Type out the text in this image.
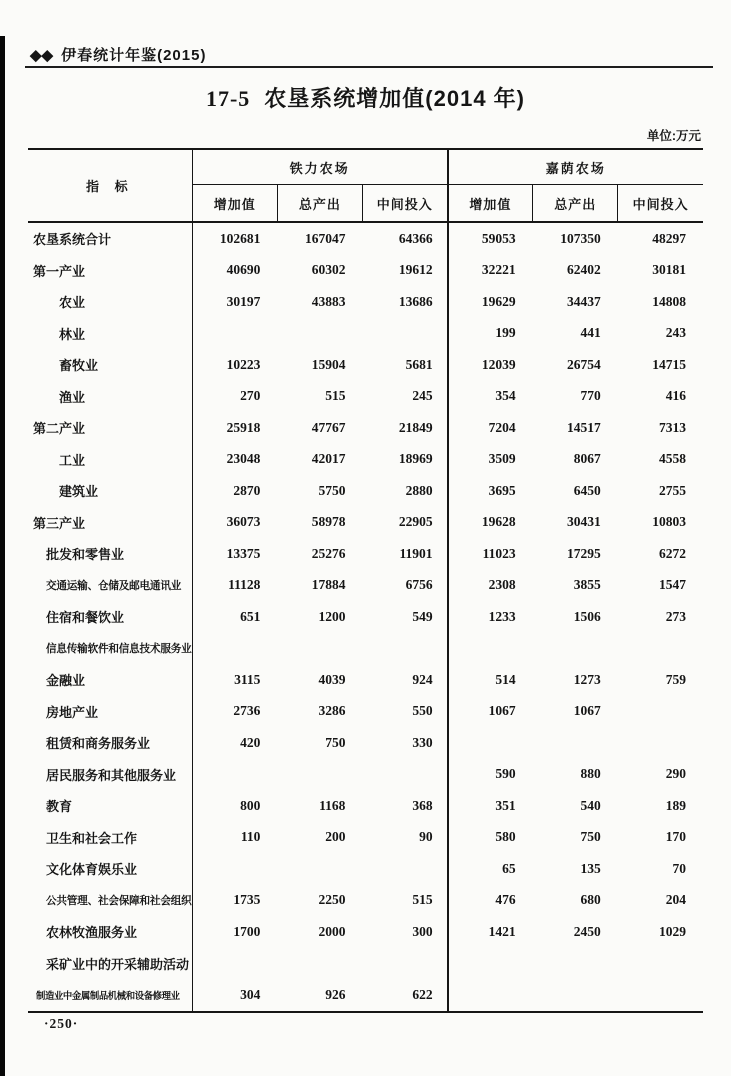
◆◆ 伊春统计年鉴(2015)
17-5 农垦系统增加值(2014 年)
单位:万元
指 标	铁力农场			嘉荫农场		
	增加值	总产出	中间投入	增加值	总产出	中间投入
农垦系统合计	102681	167047	64366	59053	107350	48297
第一产业	40690	60302	19612	32221	62402	30181
农业	30197	43883	13686	19629	34437	14808
林业				199	441	243
畜牧业	10223	15904	5681	12039	26754	14715
渔业	270	515	245	354	770	416
第二产业	25918	47767	21849	7204	14517	7313
工业	23048	42017	18969	3509	8067	4558
建筑业	2870	5750	2880	3695	6450	2755
第三产业	36073	58978	22905	19628	30431	10803
批发和零售业	13375	25276	11901	11023	17295	6272
交通运输、仓储及邮电通讯业	11128	17884	6756	2308	3855	1547
住宿和餐饮业	651	1200	549	1233	1506	273
信息传输软件和信息技术服务业						
金融业	3115	4039	924	514	1273	759
房地产业	2736	3286	550	1067	1067	
租赁和商务服务业	420	750	330			
居民服务和其他服务业				590	880	290
教育	800	1168	368	351	540	189
卫生和社会工作	110	200	90	580	750	170
文化体育娱乐业				65	135	70
公共管理、社会保障和社会组织	1735	2250	515	476	680	204
农林牧渔服务业	1700	2000	300	1421	2450	1029
采矿业中的开采辅助活动						
制造业中金属制品机械和设备修理业	304	926	622			
·250·
